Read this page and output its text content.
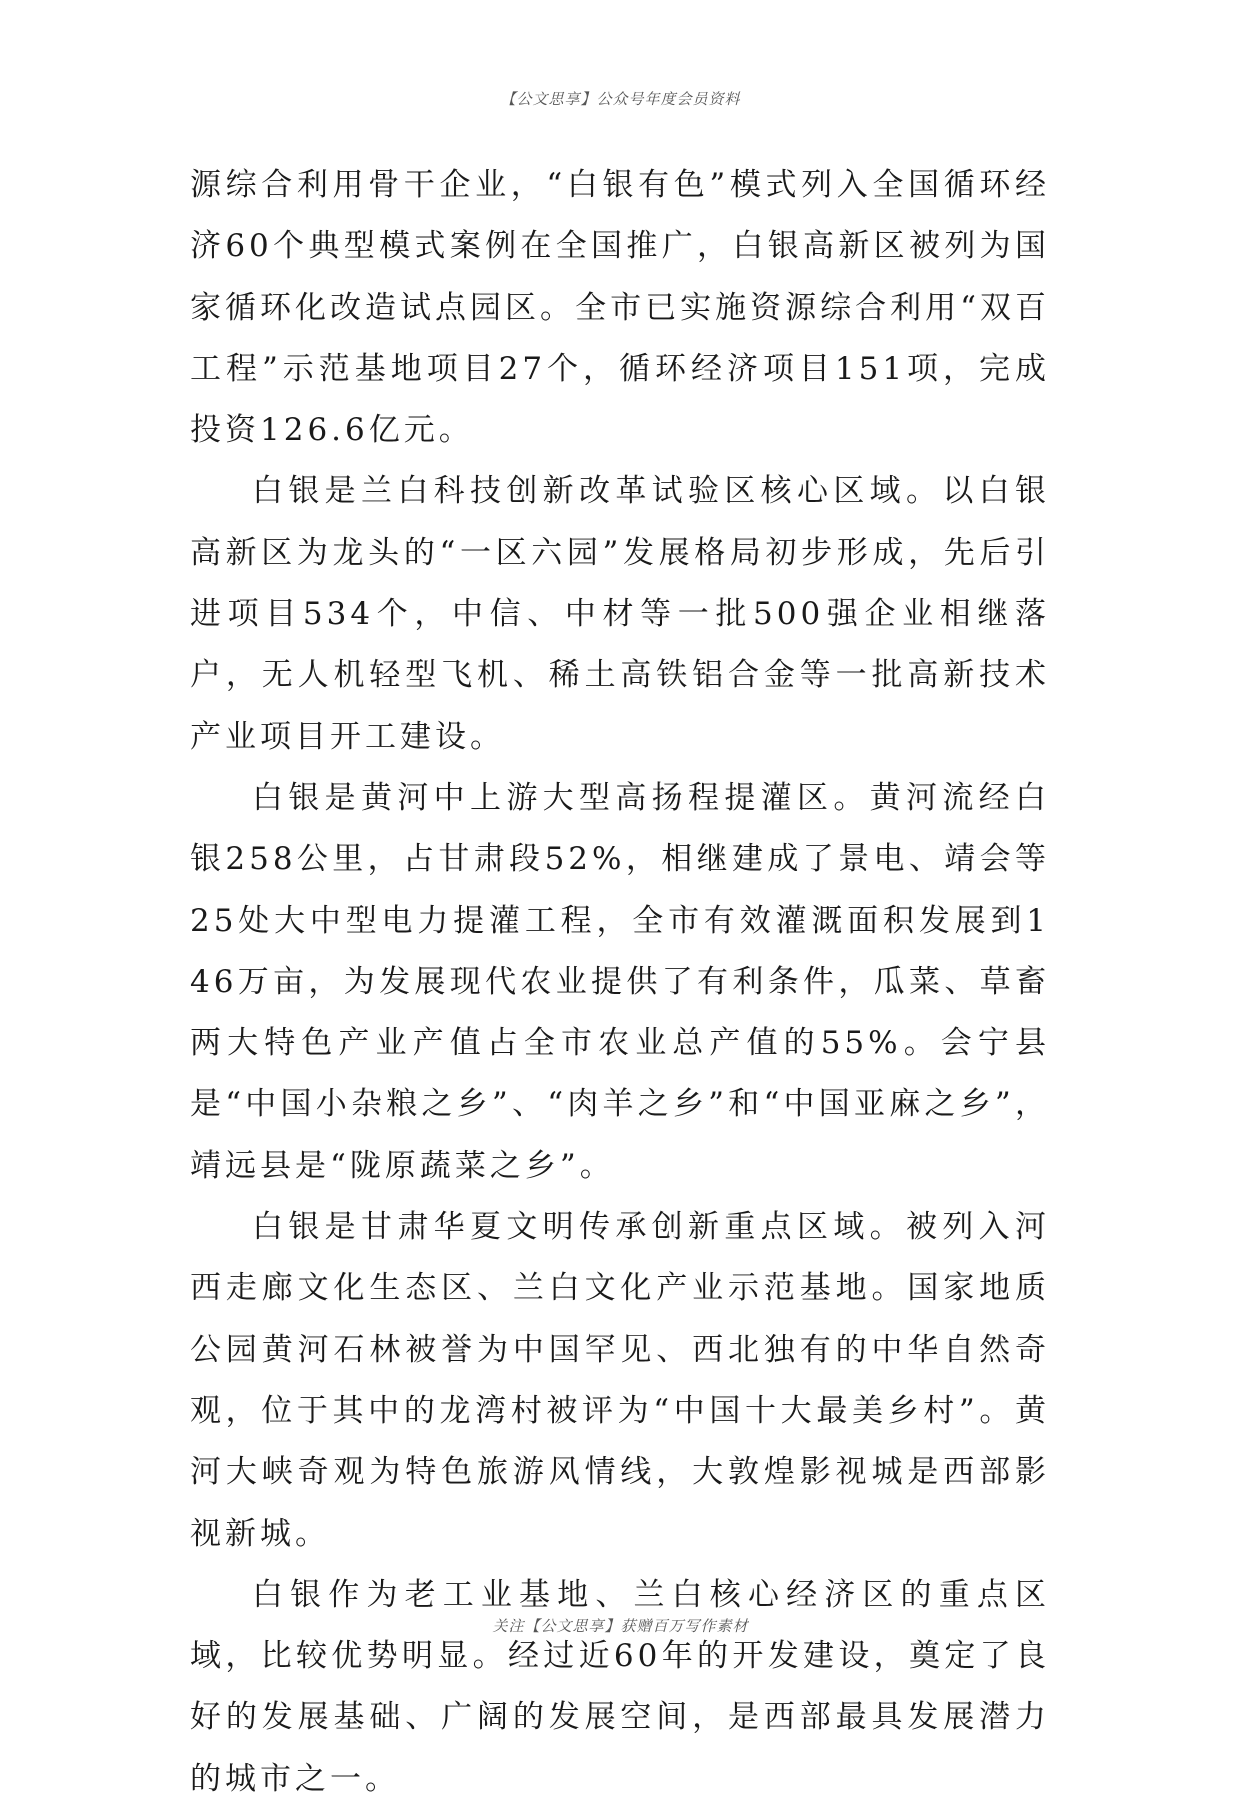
【公文思享】公众号年度会员资料

源综合利用骨干企业，“白银有色”模式列入全国循环经济60个典型模式案例在全国推广，白银高新区被列为国家循环化改造试点园区。全市已实施资源综合利用“双百工程”示范基地项目27个，循环经济项目151项，完成投资126.6亿元。

白银是兰白科技创新改革试验区核心区域。以白银高新区为龙头的“一区六园”发展格局初步形成，先后引进项目534个，中信、中材等一批500强企业相继落户，无人机轻型飞机、稀土高铁铝合金等一批高新技术产业项目开工建设。

白银是黄河中上游大型高扬程提灌区。黄河流经白银258公里，占甘肃段52%，相继建成了景电、靖会等25处大中型电力提灌工程，全市有效灌溉面积发展到146万亩，为发展现代农业提供了有利条件，瓜菜、草畜两大特色产业产值占全市农业总产值的55%。会宁县是“中国小杂粮之乡”、“肉羊之乡”和“中国亚麻之乡”，靖远县是“陇原蔬菜之乡”。

白银是甘肃华夏文明传承创新重点区域。被列入河西走廊文化生态区、兰白文化产业示范基地。国家地质公园黄河石林被誉为中国罕见、西北独有的中华自然奇观，位于其中的龙湾村被评为“中国十大最美乡村”。黄河大峡奇观为特色旅游风情线，大敦煌影视城是西部影视新城。

白银作为老工业基地、兰白核心经济区的重点区域，比较优势明显。经过近60年的开发建设，奠定了良好的发展基础、广阔的发展空间，是西部最具发展潜力的城市之一。

关注【公文思享】获赠百万写作素材
